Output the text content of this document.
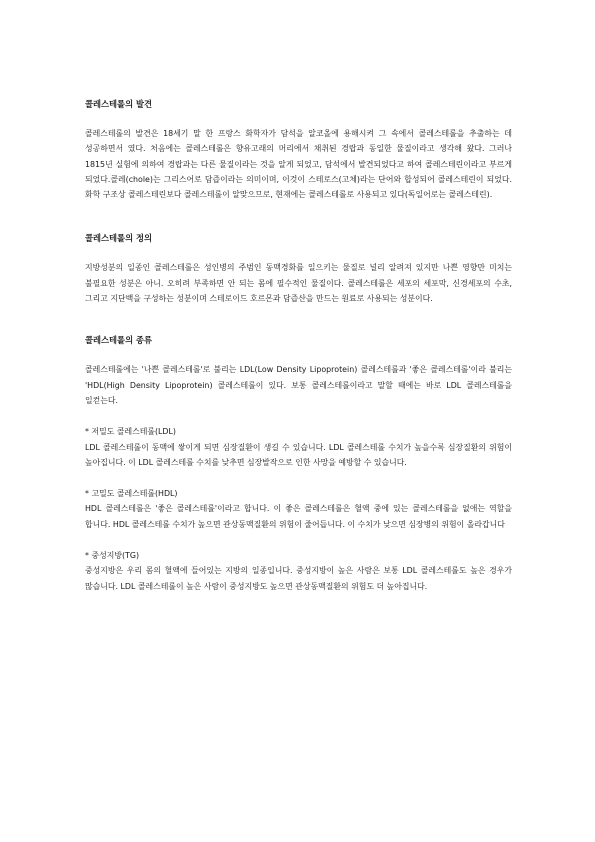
콜레스테롤의 발견

콜레스테롤의 발견은 18세기 말 한 프랑스 화학자가 담석을 알코올에 용해시켜 그 속에서 콜레스테롤을 추출하는 데 성공하면서 였다. 처음에는 콜레스테롤은 향유고래의 머리에서 채취된 경랍과 동일한 물질이라고 생각해 왔다. 그러나 1815년 실험에 의하여 경랍과는 다른 물질이라는 것을 알게 되었고, 담석에서 발견되었다고 하여 콜레스테린이라고 부르게 되었다.콜레(chole)는 그리스어로 담즙이라는 의미이며, 이것이 스테로스(고체)라는 단어와 합성되어 콜레스테린이 되었다. 화학 구조상 콜레스테린보다 콜레스테롤이 알맞으므로, 현재에는 콜레스테롤로 사용되고 있다(독일어로는 콜레스테린).

콜레스테롤의 정의

지방성분의 일종인 콜레스테롤은 성인병의 주범인 동맥경화를 일으키는 물질로 널리 알려져 있지만 나쁜 영향만 미치는 불필요한 성분은 아니. 오히려 부족하면 안 되는 몸에 필수적인 물질이다. 콜레스테롤은 세포의 세포막, 신경세포의 수초, 그리고 지단백을 구성하는 성분이며 스테로이드 호르몬과 담즙산을 만드는 원료로 사용되는 성분이다.

콜레스테롤의 종류

콜레스테롤에는 '나쁜 콜레스테롤'로 불리는 LDL(Low Density Lipoprotein) 콜레스테롤과 '좋은 콜레스테롤'이라 불리는 'HDL(High Density Lipoprotein) 콜레스테롤이 있다. 보통 콜레스테롤이라고 말할 때에는 바로 LDL 콜레스테롤을 일컫는다.

* 저밀도 콜레스테롤(LDL)

LDL 콜레스테롤이 동맥에 쌓이게 되면 심장질환이 생길 수 있습니다. LDL 콜레스테롤 수치가 높을수록 심장질환의 위험이 높아집니다. 이 LDL 콜레스테롤 수치를 낮추면 심장발작으로 인한 사망을 예방할 수 있습니다.

* 고밀도 콜레스테롤(HDL)

HDL 콜레스테롤은 '좋은 콜레스테롤'이라고 합니다. 이 좋은 콜레스테롤은 혈액 중에 있는 콜레스테롤을 없애는 역할을 합니다. HDL 콜레스테롤 수치가 높으면 관상동맥질환의 위험이 줄어듭니다. 이 수치가 낮으면 심장병의 위험이 올라갑니다

* 중성지방(TG)

중성지방은 우리 몸의 혈액에 들어있는 지방의 일종입니다. 중성지방이 높은 사람은 보통 LDL 콜레스테롤도 높은 경우가 많습니다. LDL 콜레스테롤이 높은 사람이 중성지방도 높으면 관상동맥질환의 위험도 더 높아집니다.
